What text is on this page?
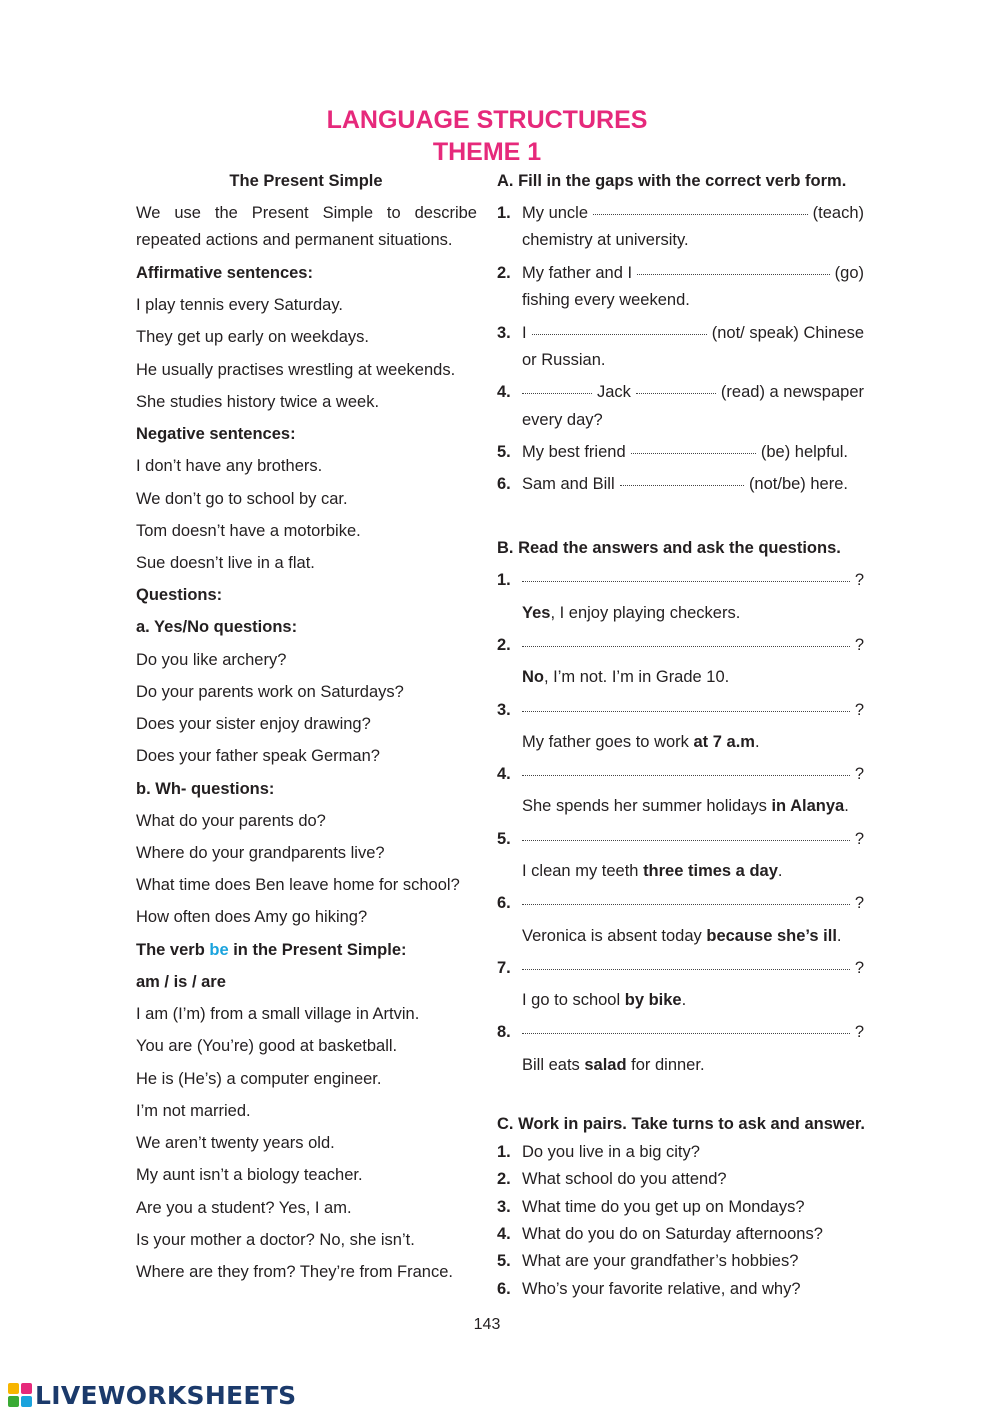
LANGUAGE STRUCTURES
THEME 1
The Present Simple
We use the Present Simple to describe
repeated actions and permanent situations.
Affirmative sentences:
I play tennis every Saturday.
They get up early on weekdays.
He usually practises wrestling at weekends.
She studies history twice a week.
Negative sentences:
I don’t have any brothers.
We don’t go to school by car.
Tom doesn’t have a motorbike.
Sue doesn’t live in a flat.
Questions:
a. Yes/No questions:
Do you like archery?
Do your parents work on Saturdays?
Does your sister enjoy drawing?
Does your father speak German?
b. Wh- questions:
What do your parents do?
Where do your grandparents live?
What time does Ben leave home for school?
How often does Amy go hiking?
The verb be in the Present Simple:
am / is / are
I am (I’m) from a small village in Artvin.
You are (You’re) good at basketball.
He is (He’s) a computer engineer.
I’m not married.
We aren’t twenty years old.
My aunt isn’t a biology teacher.
Are you a student? Yes, I am.
Is your mother a doctor? No, she isn’t.
Where are they from? They’re from France.
A. Fill in the gaps with the correct verb form.
1. My uncle	(teach)
chemistry at university.
2. My father and I	(go)
fishing every weekend.
3. I	(not/ speak) Chinese
or Russian.
4.	Jack	(read) a newspaper
every day?
5. My best friend	(be) helpful.
6. Sam and Bill	(not/be) here.
B. Read the answers and ask the questions.
1.	?
Yes, I enjoy playing checkers.
2.	?
No, I’m not. I’m in Grade 10.
3.	?
My father goes to work at 7 a.m.
4.	?
She spends her summer holidays in Alanya.
5.	?
I clean my teeth three times a day.
6.	?
Veronica is absent today because she’s ill.
7.	?
I go to school by bike.
8.	?
Bill eats salad for dinner.
C. Work in pairs. Take turns to ask and answer.
1. Do you live in a big city?
2. What school do you attend?
3. What time do you get up on Mondays?
4. What do you do on Saturday afternoons?
5. What are your grandfather’s hobbies?
6. Who’s your favorite relative, and why?
143
LIVEWORKSHEETS
